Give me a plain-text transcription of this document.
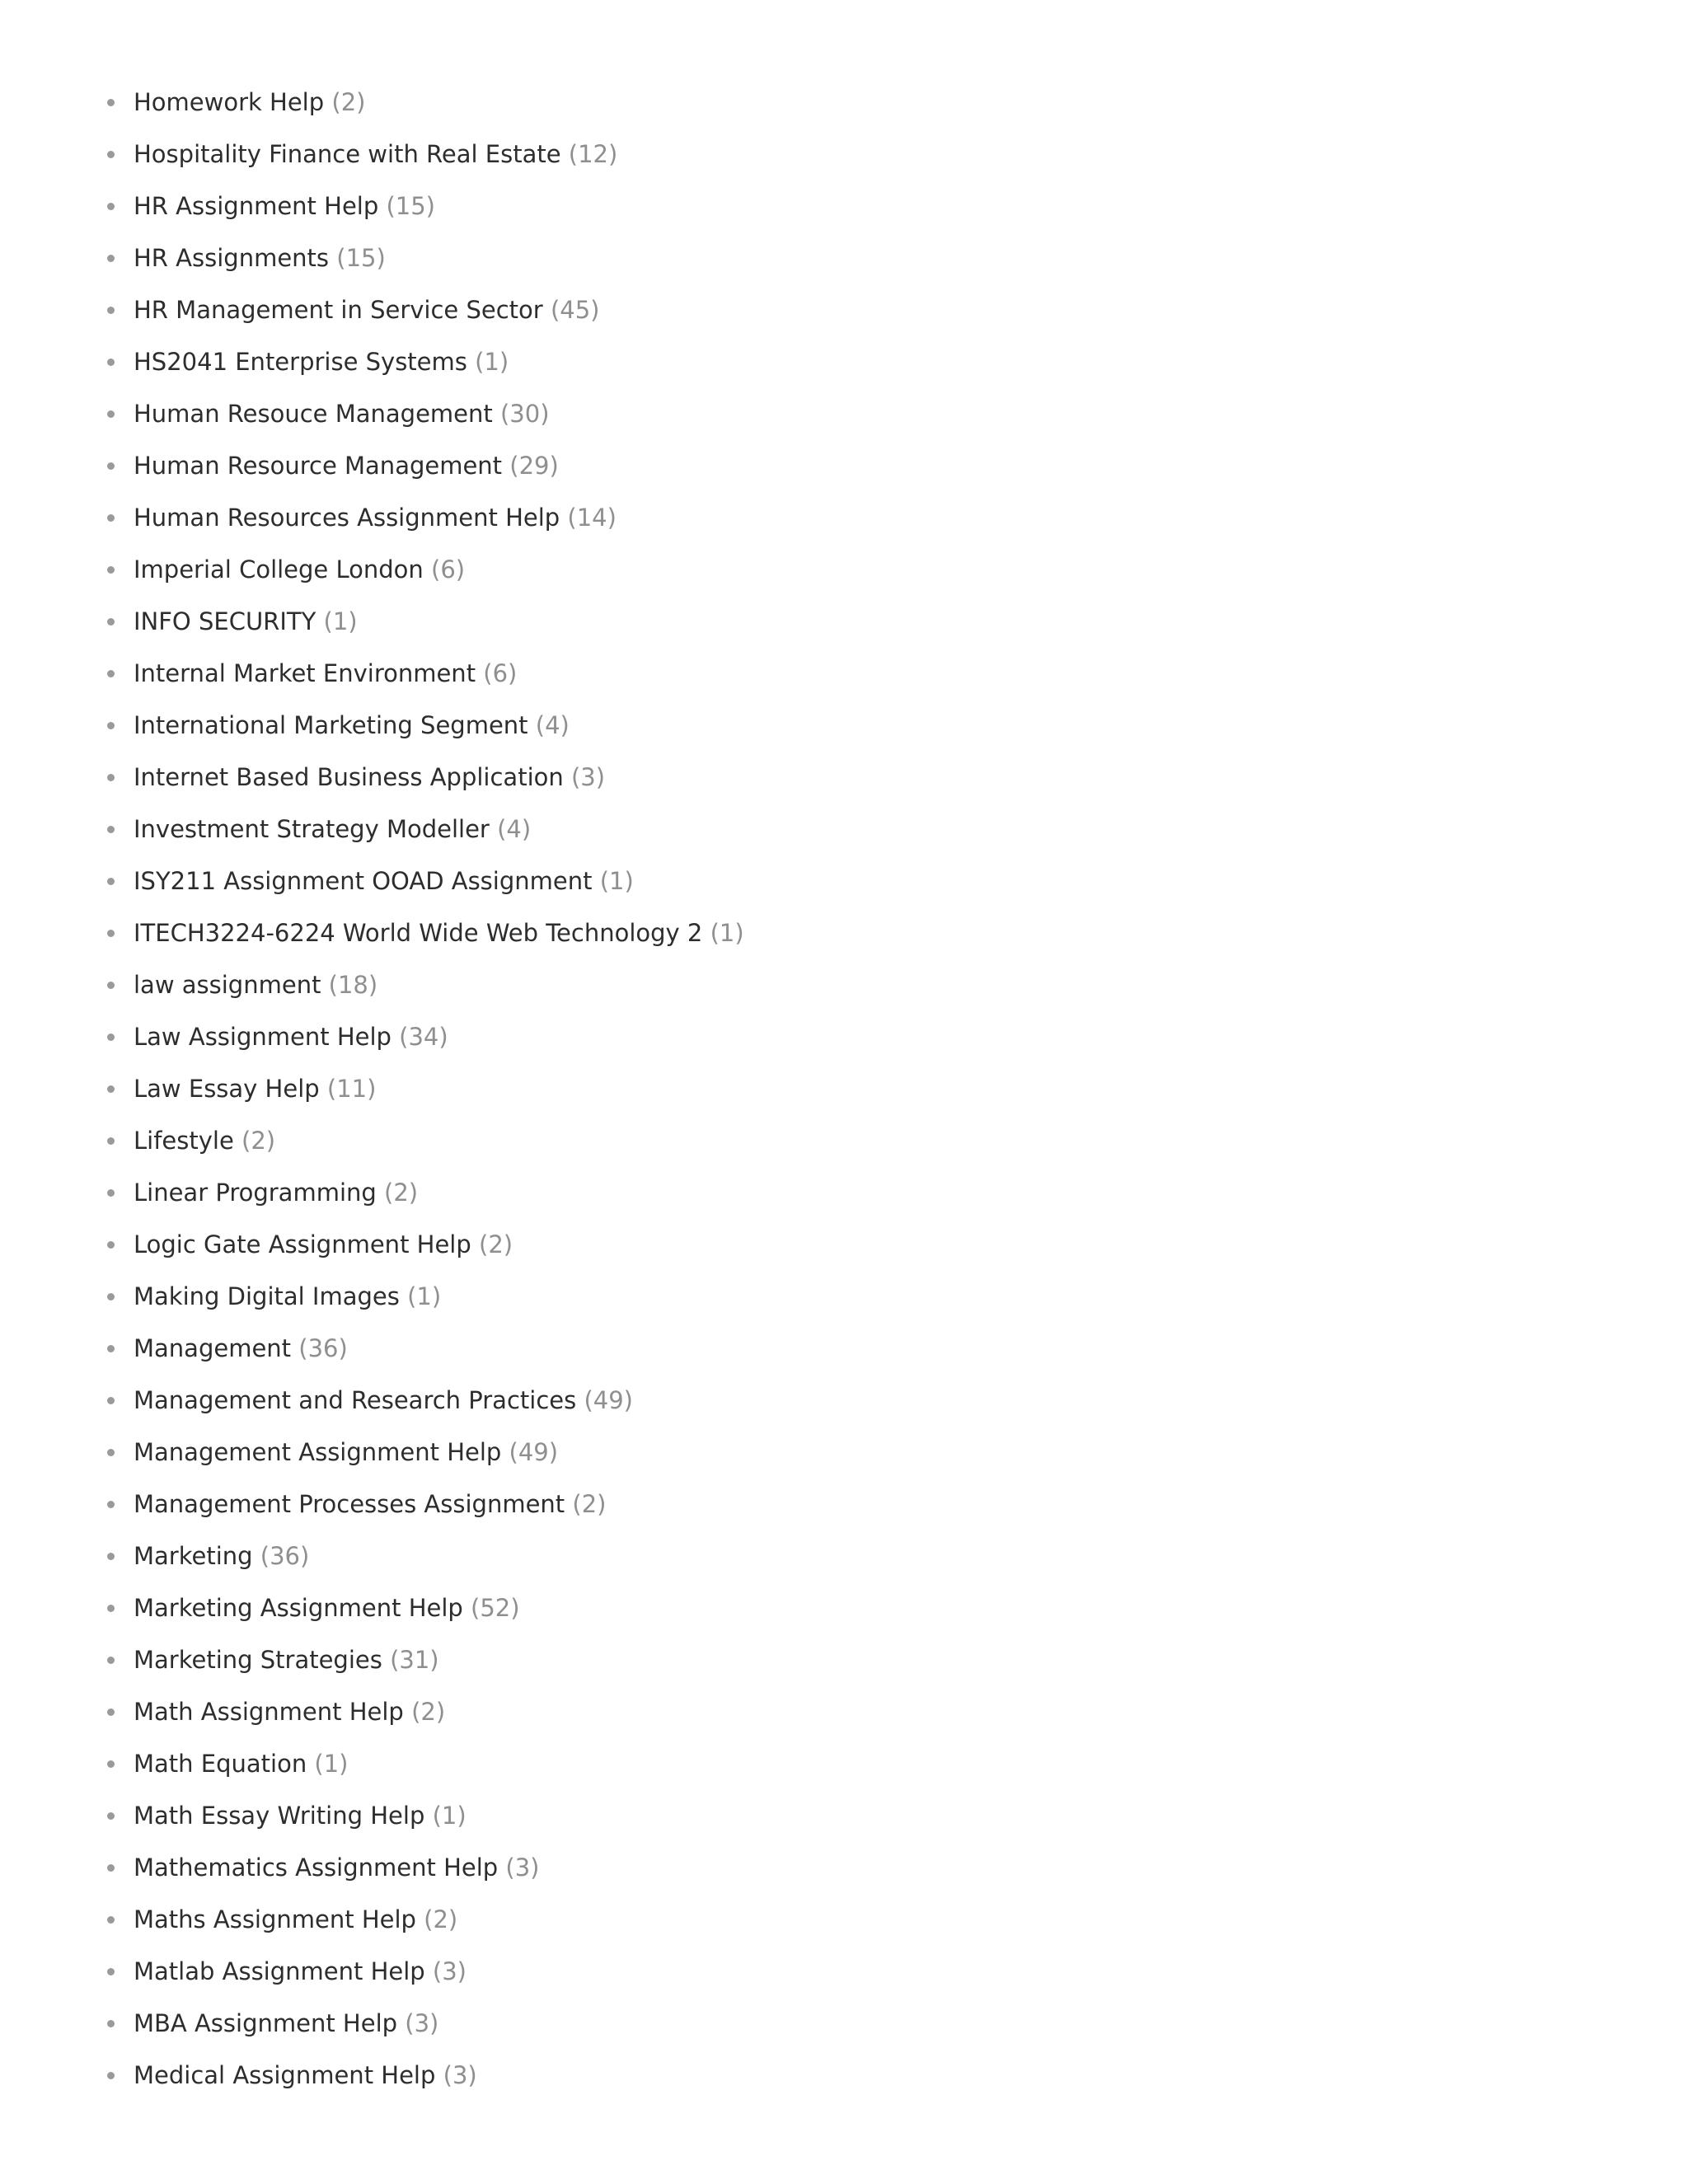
Homework Help (2)
Hospitality Finance with Real Estate (12)
HR Assignment Help (15)
HR Assignments (15)
HR Management in Service Sector (45)
HS2041 Enterprise Systems (1)
Human Resouce Management (30)
Human Resource Management (29)
Human Resources Assignment Help (14)
Imperial College London (6)
INFO SECURITY (1)
Internal Market Environment (6)
International Marketing Segment (4)
Internet Based Business Application (3)
Investment Strategy Modeller (4)
ISY211 Assignment OOAD Assignment (1)
ITECH3224-6224 World Wide Web Technology 2 (1)
law assignment (18)
Law Assignment Help (34)
Law Essay Help (11)
Lifestyle (2)
Linear Programming (2)
Logic Gate Assignment Help (2)
Making Digital Images (1)
Management (36)
Management and Research Practices (49)
Management Assignment Help (49)
Management Processes Assignment (2)
Marketing (36)
Marketing Assignment Help (52)
Marketing Strategies (31)
Math Assignment Help (2)
Math Equation (1)
Math Essay Writing Help (1)
Mathematics Assignment Help (3)
Maths Assignment Help (2)
Matlab Assignment Help (3)
MBA Assignment Help (3)
Medical Assignment Help (3)
